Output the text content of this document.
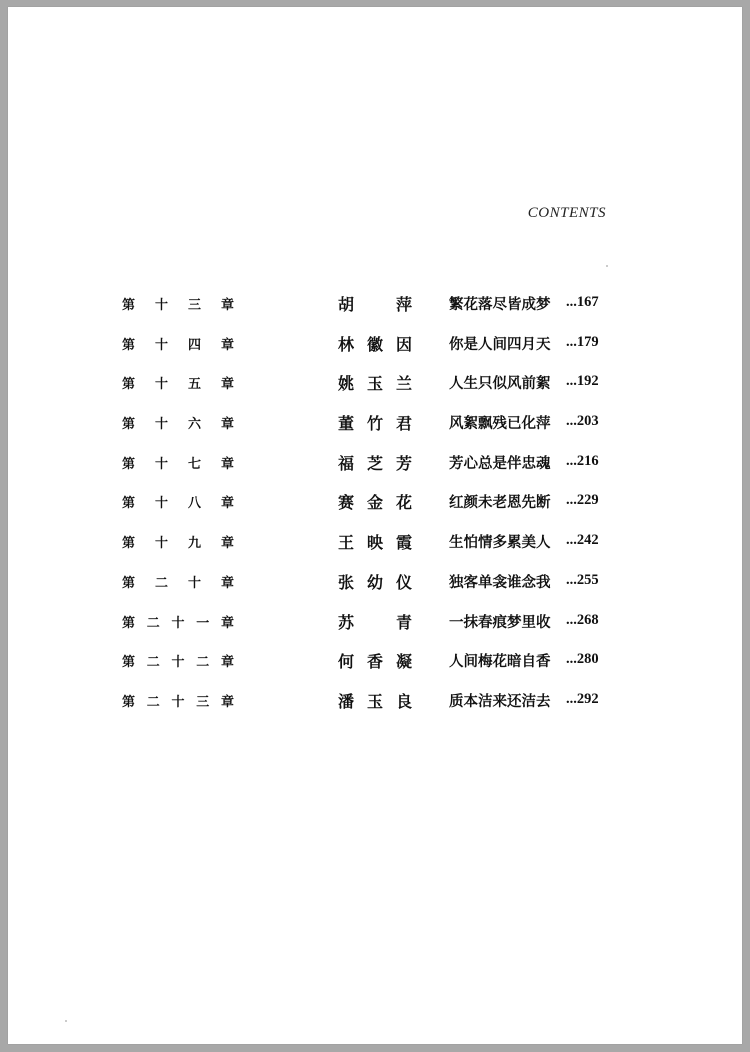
CONTENTS
第 十 三 章	胡	萍	繁花落尽皆成梦 ...167
第 十 四 章	林 徽 因	你是人间四月天 ...179
第 十 五 章	姚 玉 兰	人生只似风前絮 ...192
第 十 六 章	董 竹 君	风絮飘残已化萍 ...203
第 十 七 章	福 芝 芳	芳心总是伴忠魂 ...216
第 十 八 章	赛 金 花	红颜未老恩先断 ...229
第 十 九 章	王 映 霞	生怕情多累美人 ...242
第 二 十 章	张 幼 仪	独客单衾谁念我 ...255
第 二 十 一 章	苏	青	一抹春痕梦里收 ...268
第 二 十 二 章	何 香 凝	人间梅花暗自香 ...280
第 二 十 三 章	潘 玉 良	质本洁来还洁去 ...292
